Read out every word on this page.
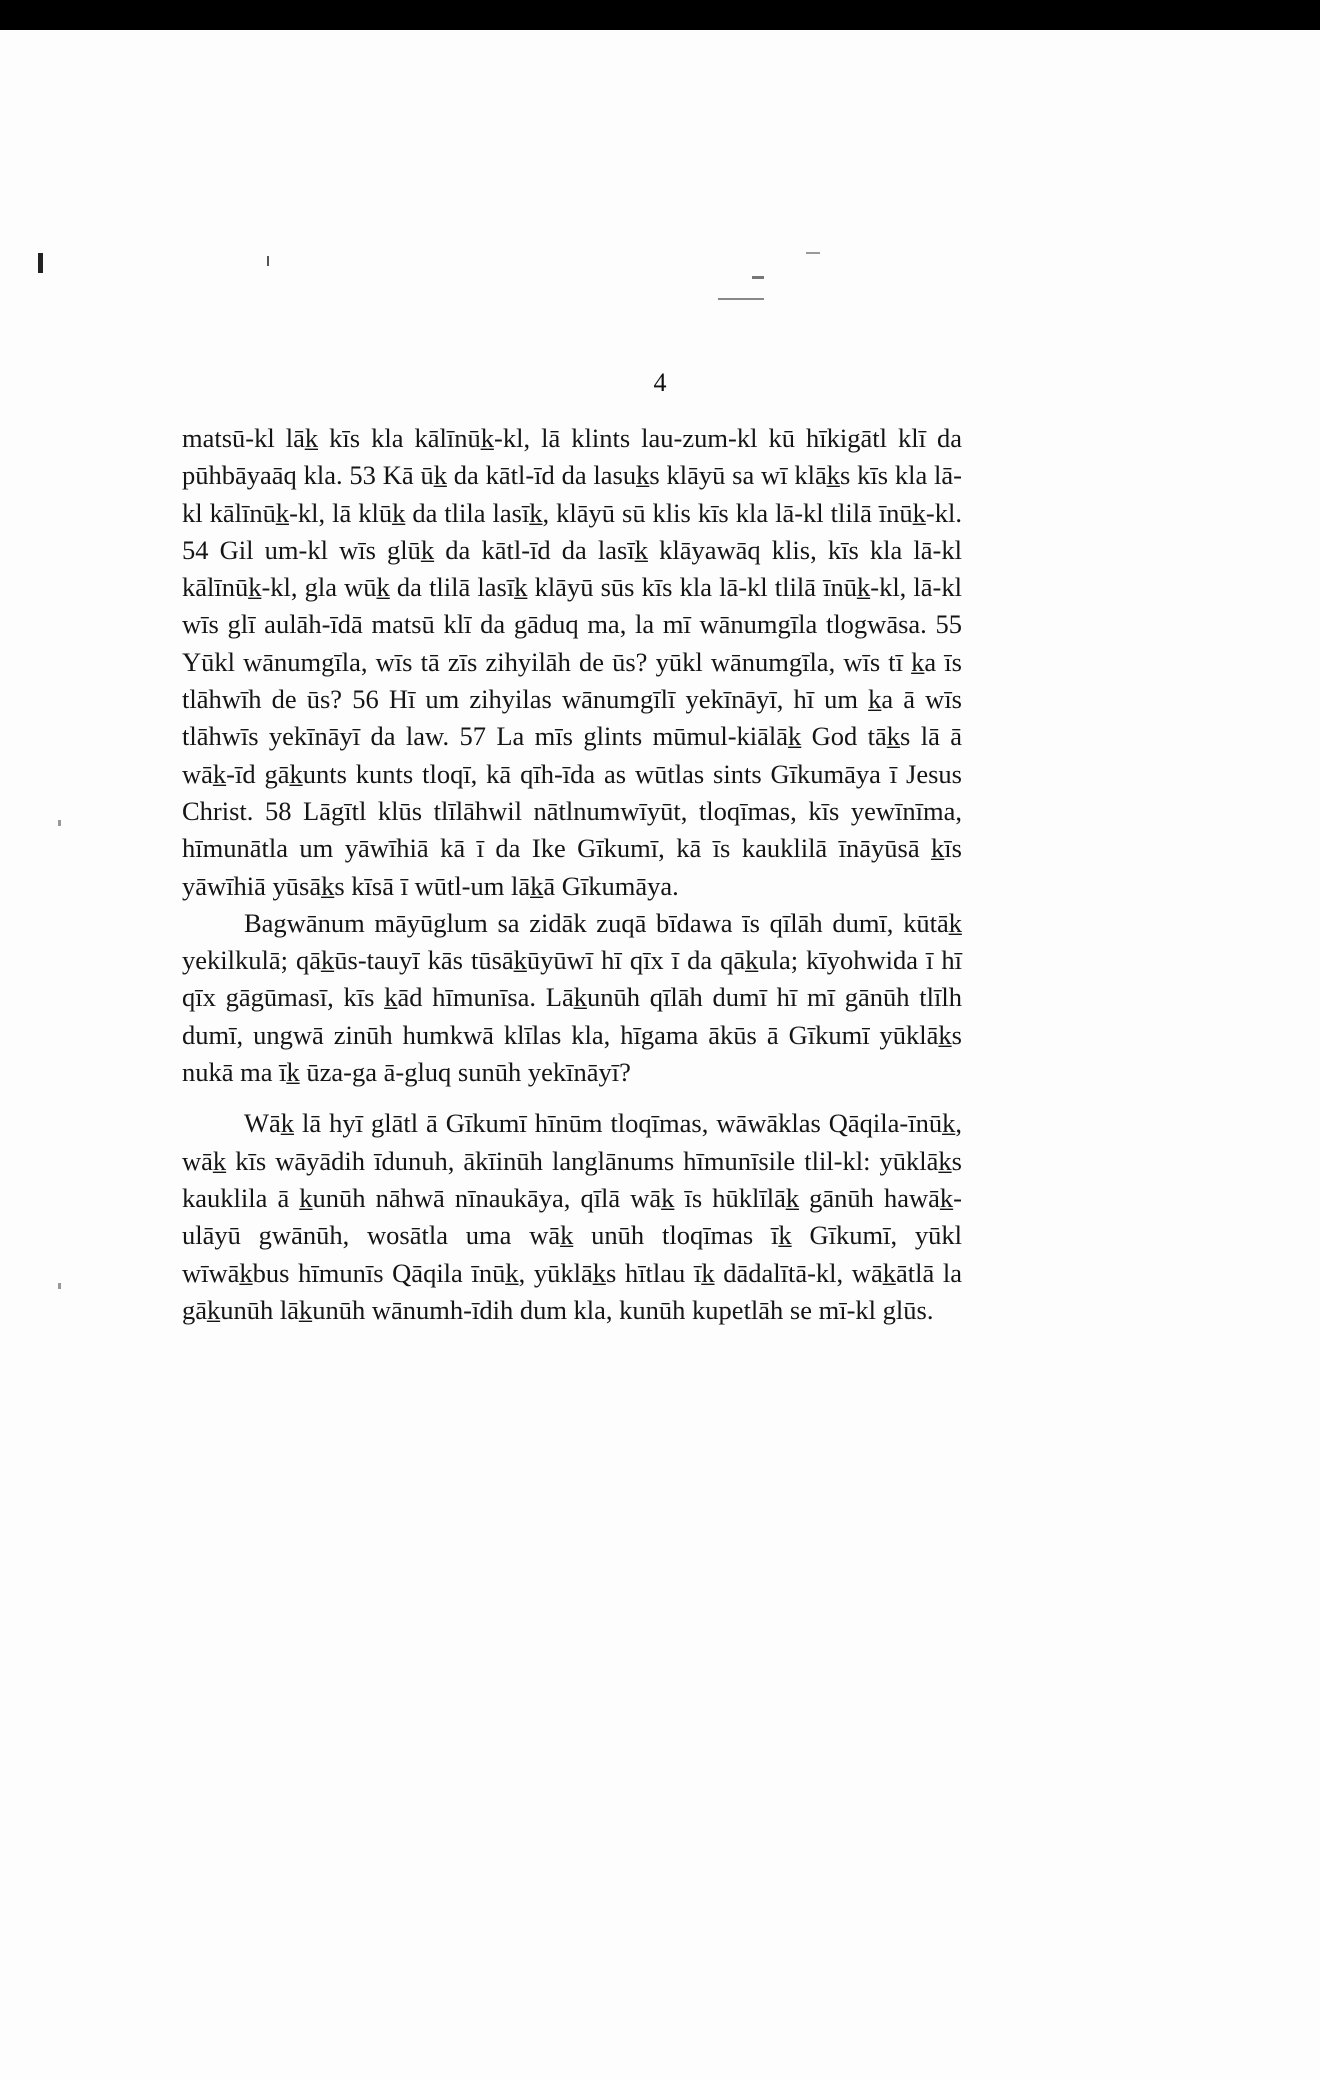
4

matsū-kl lāk̲ kīs kla kālīnūk̲-kl, lā klints lau-zum-kl kū hīkigātl klī da pūhbāyaāq kla. 53 Kā ūk̲ da kātl-īd da lasuk̲s klāyū sa wī klāk̲s kīs kla lā-kl kālīnūk̲-kl, lā klūk̲ da tlila lasīk̲, klāyū sū klis kīs kla lā-kl tlilā īnūk̲-kl. 54 Gil um-kl wīs glūk̲ da kātl-īd da lasīk̲ klāyawāq klis, kīs kla lā-kl kālīnūk̲-kl, gla wūk̲ da tlilā lasīk̲ klāyū sūs kīs kla lā-kl tlilā īnūk̲-kl, lā-kl wīs glī aulāh-īdā matsū klī da gāduq ma, la mī wānumgīla tlogwāsa. 55 Yūkl wānumgīla, wīs tā zīs zihyilāh de ūs? yūkl wānumgīla, wīs tī k̲a īs tlāhwīh de ūs? 56 Hī um zihyilas wānumgīlī yekīnāyī, hī um k̲a ā wīs tlāhwīs yekīnāyī da law. 57 La mīs glints mūmul-kiālāk̲ God tāk̲s lā ā wāk̲-īd gāk̲unts kunts tloqī, kā qīh-īda as wūtlas sints Gīkumāya ī Jesus Christ. 58 Lāgītl klūs tlīlāhwil nātlnumwīyūt, tloqīmas, kīs yewīnīma, hīmunātla um yāwīhiā kā ī da Ike Gīkumī, kā īs kauklilā īnāyūsā k̲īs yāwīhiā yūsāk̲s kīsā ī wūtl-um lāk̲ā Gīkumāya.

Bagwānum māyūglum sa zidāk zuqā bīdawa īs qīlāh dumī, kūtāk̲ yekilkulā; qāk̲ūs-tauyī kās tūsāk̲ūyūwī hī qīx ī da qāk̲ula; kīyohwida ī hī qīx gāgūmasī, kīs k̲ād hīmunīsa. Lāk̲unūh qīlāh dumī hī mī gānūh tlīlh dumī, ungwā zinūh humkwā klīlas kla, hīgama ākūs ā Gīkumī yūklāk̲s nukā ma īk̲ ūza-ga ā-gluq sunūh yekīnāyī?

Wāk̲ lā hyī glātl ā Gīkumī hīnūm tloqīmas, wāwāklas Qāqila-īnūk̲, wāk̲ kīs wāyādih īdunuh, ākīinūh langlānums hīmunīsile tlil-kl: yūklāk̲s kauklila ā k̲unūh nāhwā nīnaukāya, qīlā wāk̲ īs hūklīlāk̲ gānūh hawāk̲-ulāyū gwānūh, wosātla uma wāk̲ unūh tloqīmas īk̲ Gīkumī, yūkl wīwāk̲bus hīmunīs Qāqila īnūk̲, yūklāk̲s hītlau īk̲ dādalītā-kl, wāk̲ātlā la gāk̲unūh lāk̲unūh wānumh-īdih dum kla, kunūh kupetlāh se mī-kl glūs.
